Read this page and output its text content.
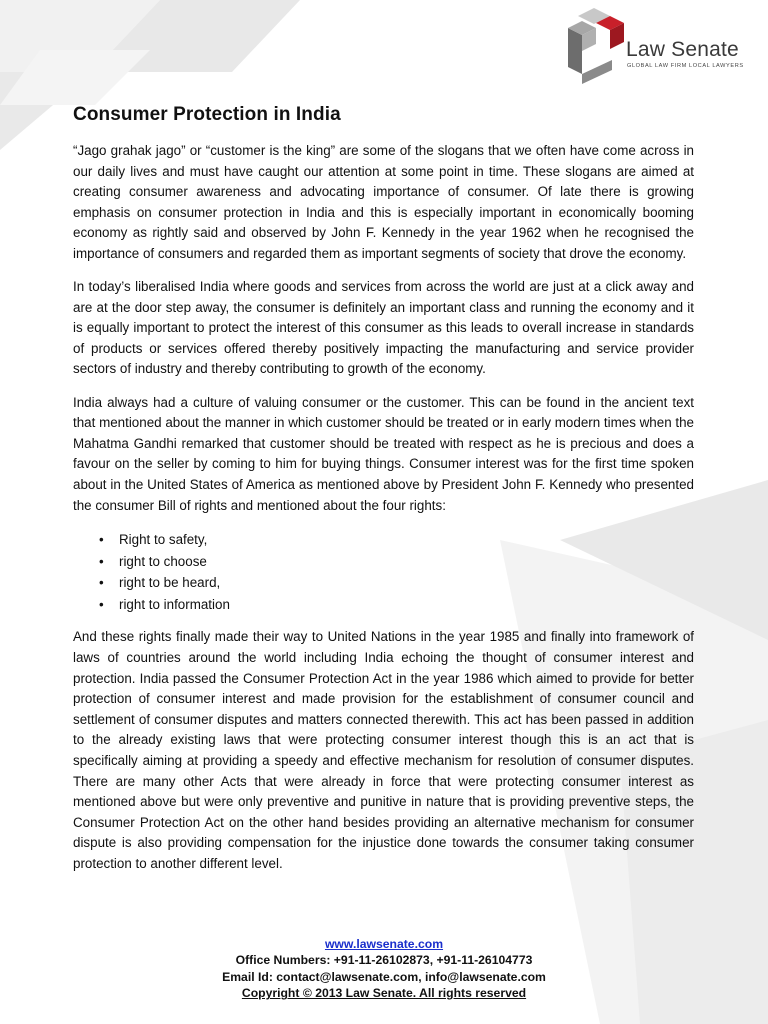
Law Senate
GLOBAL LAW FIRM LOCAL LAWYERS
Consumer Protection in India

“Jago grahak jago” or “customer is the king” are some of the slogans that we often have come across in our daily lives and must have caught our attention at some point in time. These slogans are aimed at creating consumer awareness and advocating importance of consumer. Of late there is growing emphasis on consumer protection in India and this is especially important in economically booming economy as rightly said and observed by John F. Kennedy in the year 1962 when he recognised the importance of consumers and regarded them as important segments of society that drove the economy.

In today’s liberalised India where goods and services from across the world are just at a click away and are at the door step away, the consumer is definitely an important class and running the economy and it is equally important to protect the interest of this consumer as this leads to overall increase in standards of products or services offered thereby positively impacting the manufacturing and service provider sectors of industry and thereby contributing to growth of the economy.

India always had a culture of valuing consumer or the customer. This can be found in the ancient text that mentioned about the manner in which customer should be treated or in early modern times when the Mahatma Gandhi remarked that customer should be treated with respect as he is precious and does a favour on the seller by coming to him for buying things. Consumer interest was for the first time spoken about in the United States of America as mentioned above by President John F. Kennedy who presented the consumer Bill of rights and mentioned about the four rights:

• Right to safety,
• right to choose
• right to be heard,
• right to information

And these rights finally made their way to United Nations in the year 1985 and finally into framework of laws of countries around the world including India echoing the thought of consumer interest and protection. India passed the Consumer Protection Act in the year 1986 which aimed to provide for better protection of consumer interest and made provision for the establishment of consumer council and settlement of consumer disputes and matters connected therewith. This act has been passed in addition to the already existing laws that were protecting consumer interest though this is an act that is specifically aiming at providing a speedy and effective mechanism for resolution of consumer disputes. There are many other Acts that were already in force that were protecting consumer interest as mentioned above but were only preventive and punitive in nature that is providing preventive steps, the Consumer Protection Act on the other hand besides providing an alternative mechanism for consumer dispute is also providing compensation for the injustice done towards the consumer taking consumer protection to another different level.

www.lawsenate.com
Office Numbers: +91-11-26102873, +91-11-26104773
Email Id: contact@lawsenate.com, info@lawsenate.com
Copyright © 2013 Law Senate. All rights reserved
